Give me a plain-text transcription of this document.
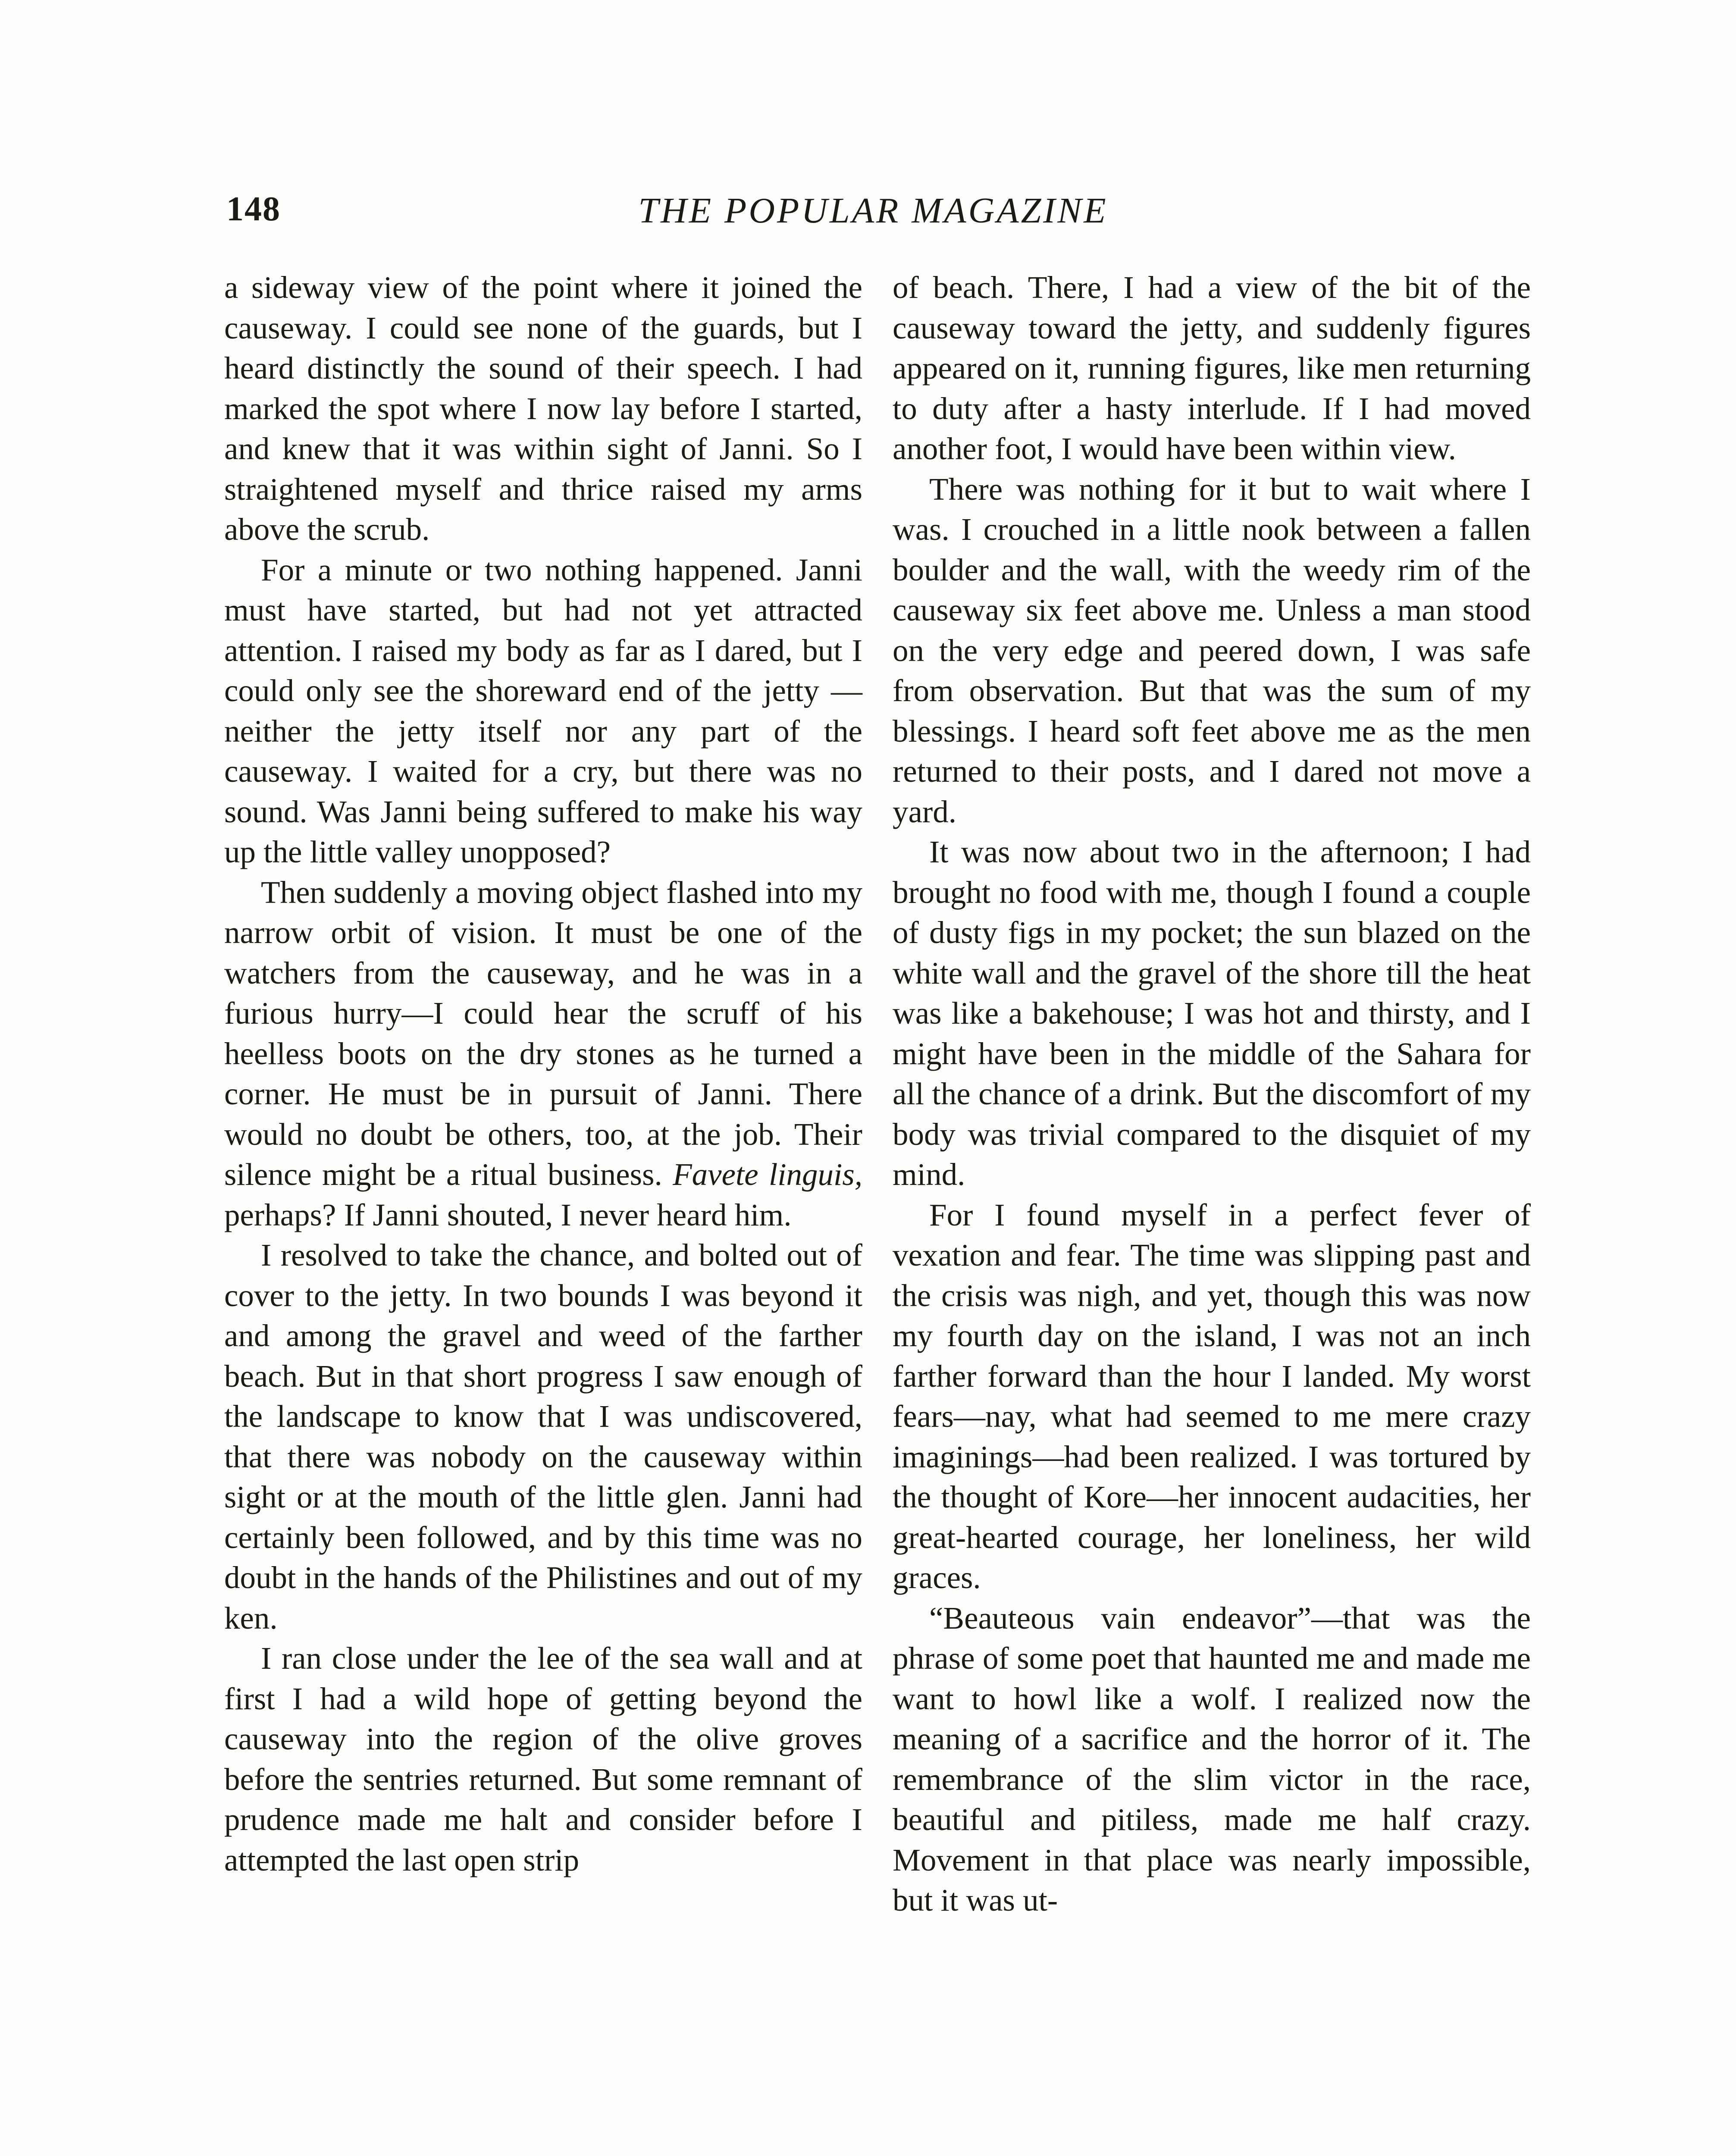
148	THE POPULAR MAGAZINE

a sideway view of the point where it joined the causeway. I could see none of the guards, but I heard distinctly the sound of their speech. I had marked the spot where I now lay before I started, and knew that it was within sight of Janni. So I straightened myself and thrice raised my arms above the scrub.

For a minute or two nothing happened. Janni must have started, but had not yet attracted attention. I raised my body as far as I dared, but I could only see the shoreward end of the jetty —neither the jetty itself nor any part of the causeway. I waited for a cry, but there was no sound. Was Janni being suffered to make his way up the little valley unopposed?

Then suddenly a moving object flashed into my narrow orbit of vision. It must be one of the watchers from the causeway, and he was in a furious hurry—I could hear the scruff of his heelless boots on the dry stones as he turned a corner. He must be in pursuit of Janni. There would no doubt be others, too, at the job. Their silence might be a ritual business. Favete linguis, perhaps? If Janni shouted, I never heard him.

I resolved to take the chance, and bolted out of cover to the jetty. In two bounds I was beyond it and among the gravel and weed of the farther beach. But in that short progress I saw enough of the landscape to know that I was undiscovered, that there was nobody on the causeway within sight or at the mouth of the little glen. Janni had certainly been followed, and by this time was no doubt in the hands of the Philistines and out of my ken.

I ran close under the lee of the sea wall and at first I had a wild hope of getting beyond the causeway into the region of the olive groves before the sentries returned. But some remnant of prudence made me halt and consider before I attempted the last open strip

of beach. There, I had a view of the bit of the causeway toward the jetty, and suddenly figures appeared on it, running figures, like men returning to duty after a hasty interlude. If I had moved another foot, I would have been within view.

There was nothing for it but to wait where I was. I crouched in a little nook between a fallen boulder and the wall, with the weedy rim of the causeway six feet above me. Unless a man stood on the very edge and peered down, I was safe from observation. But that was the sum of my blessings. I heard soft feet above me as the men returned to their posts, and I dared not move a yard.

It was now about two in the afternoon; I had brought no food with me, though I found a couple of dusty figs in my pocket; the sun blazed on the white wall and the gravel of the shore till the heat was like a bakehouse; I was hot and thirsty, and I might have been in the middle of the Sahara for all the chance of a drink. But the discomfort of my body was trivial compared to the disquiet of my mind.

For I found myself in a perfect fever of vexation and fear. The time was slipping past and the crisis was nigh, and yet, though this was now my fourth day on the island, I was not an inch farther forward than the hour I landed. My worst fears—nay, what had seemed to me mere crazy imaginings—had been realized. I was tortured by the thought of Kore—her innocent audacities, her great-hearted courage, her loneliness, her wild graces.

“Beauteous vain endeavor”—that was the phrase of some poet that haunted me and made me want to howl like a wolf. I realized now the meaning of a sacrifice and the horror of it. The remembrance of the slim victor in the race, beautiful and pitiless, made me half crazy. Movement in that place was nearly impossible, but it was ut-
